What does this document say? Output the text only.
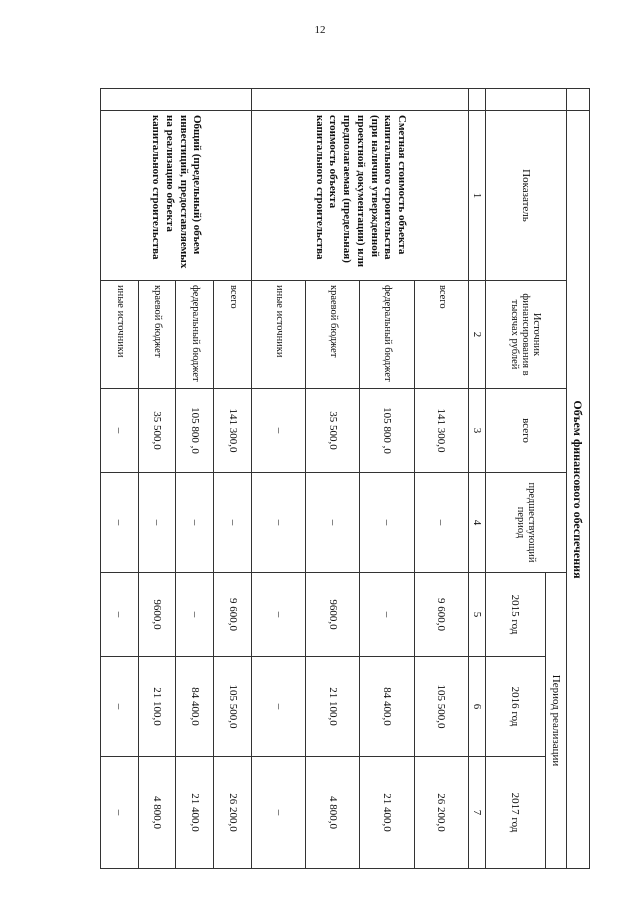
12
	Объем финансового обеспечения						
	Показатель	Источник финансирования в тысячах рублей	всего	предшествующий период	Период реализации		
					2015 год	2016 год	2017 год

	1	2	3	4	5	6	7
	Сметная стоимость объекта капитального строительства (при наличии утвержденной проектной документации) или предполагаемая (предельная) стоимость объекта капитального строительства	всего	141 300,0	–	9 600,0	105 500,0	26 200,0
		федеральный бюджет	105 800 ,0	–	–	84 400,0	21 400,0
		краевой бюджет	35 500,0	–	9600,0	21 100,0	4 800,0
		иные источники	–	–	–	–	–
	Общий (предельный) объем инвестиций, предоставляемых на реализацию объекта капитального строительства	всего	141 300,0	–	9 600,0	105 500,0	26 200,0
		федеральный бюджет	105 800 ,0	–	–	84 400,0	21 400,0
		краевой бюджет	35 500,0	–	9600,0	21 100,0	4 800,0
		иные источники	–	–	–	–	–
